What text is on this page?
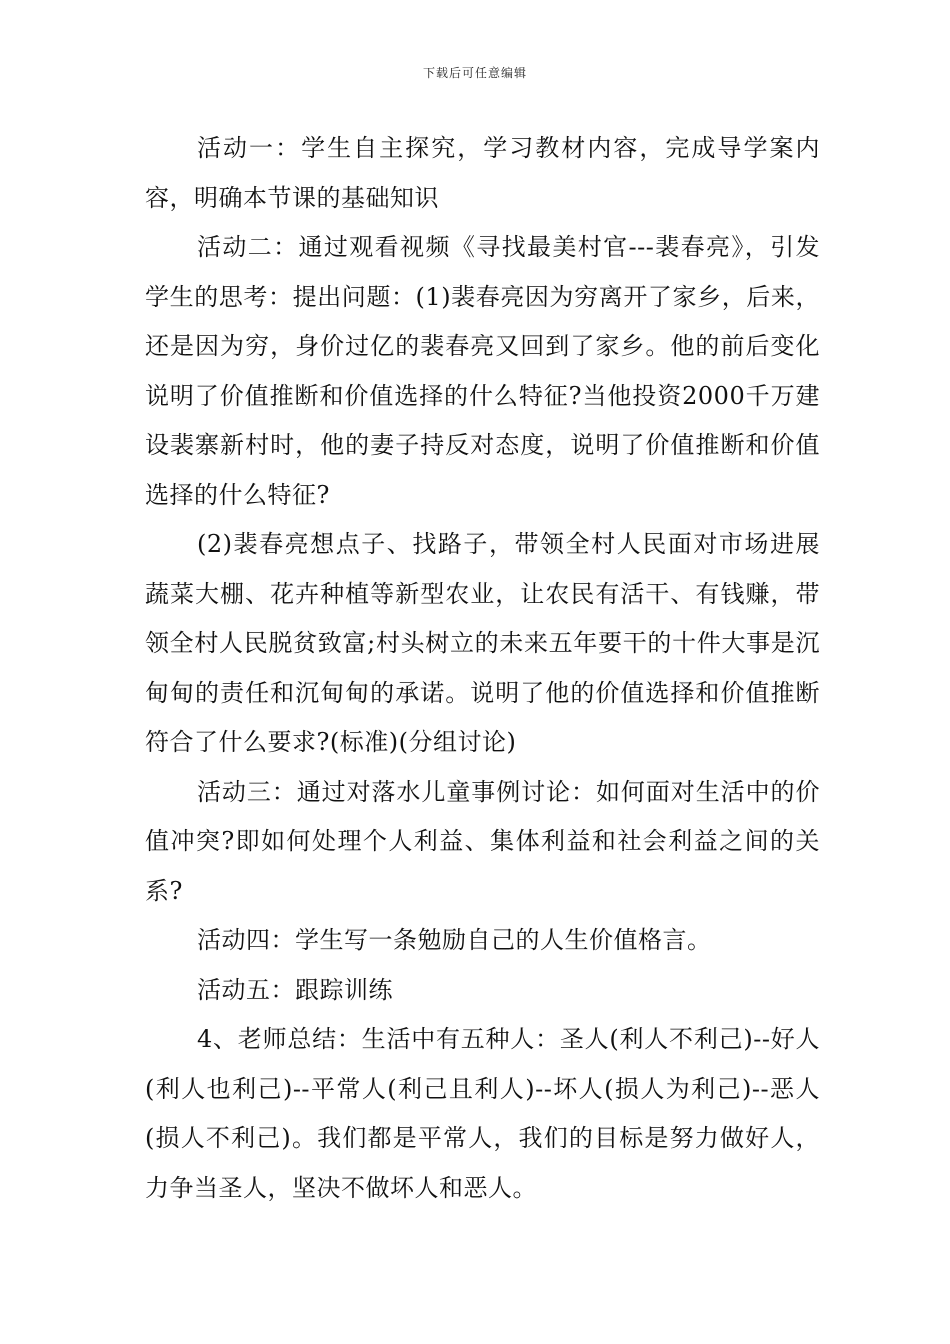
下载后可任意编辑

活动一：学生自主探究，学习教材内容，完成导学案内容，明确本节课的基础知识

活动二：通过观看视频《寻找最美村官---裴春亮》，引发学生的思考：提出问题：(1)裴春亮因为穷离开了家乡，后来，还是因为穷，身价过亿的裴春亮又回到了家乡。他的前后变化说明了价值推断和价值选择的什么特征?当他投资2000千万建设裴寨新村时，他的妻子持反对态度，说明了价值推断和价值选择的什么特征?

(2)裴春亮想点子、找路子，带领全村人民面对市场进展蔬菜大棚、花卉种植等新型农业，让农民有活干、有钱赚，带领全村人民脱贫致富;村头树立的未来五年要干的十件大事是沉甸甸的责任和沉甸甸的承诺。说明了他的价值选择和价值推断符合了什么要求?(标准)(分组讨论)

活动三：通过对落水儿童事例讨论：如何面对生活中的价值冲突?即如何处理个人利益、集体利益和社会利益之间的关系?

活动四：学生写一条勉励自己的人生价值格言。

活动五：跟踪训练

4、老师总结：生活中有五种人：圣人(利人不利己)--好人(利人也利己)--平常人(利己且利人)--坏人(损人为利己)--恶人(损人不利己)。我们都是平常人，我们的目标是努力做好人，力争当圣人，坚决不做坏人和恶人。
